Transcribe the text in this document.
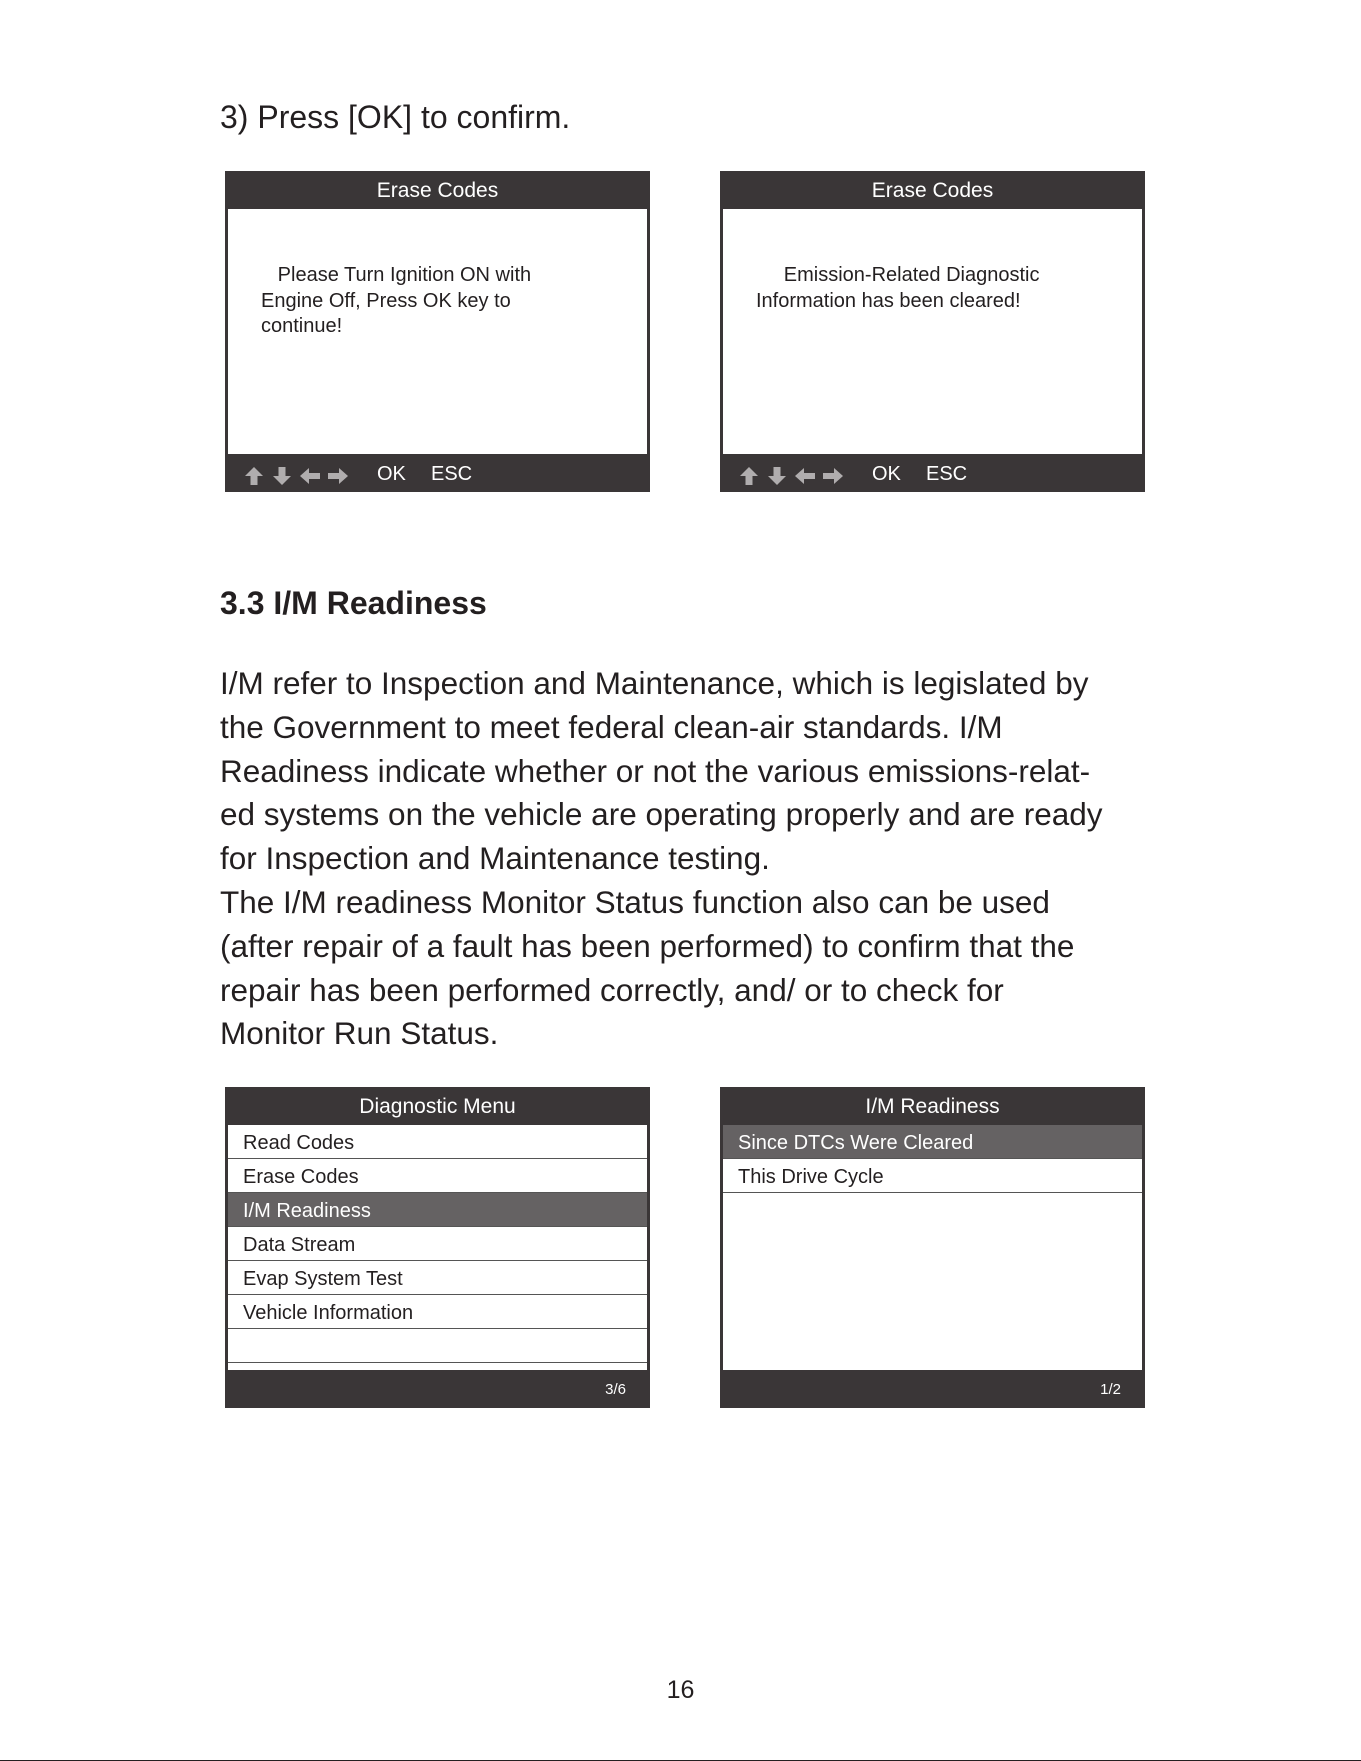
3) Press [OK] to confirm.
Erase Codes

Please Turn Ignition ON with

Engine Off, Press OK key to

continue!

OK ESC
Erase Codes

Emission-Related Diagnostic

Information has been cleared!

OK ESC
3.3 I/M Readiness

I/M refer to Inspection and Maintenance, which is legislated by

the Government to meet federal clean-air standards. I/M

Readiness indicate whether or not the various emissions-relat-

ed systems on the vehicle are operating properly and are ready

for Inspection and Maintenance testing.

The I/M readiness Monitor Status function also can be used

(after repair of a fault has been performed) to confirm that the

repair has been performed correctly, and/ or to check for

Monitor Run Status.

Diagnostic Menu
Read Codes
Erase Codes
I/M Readiness
Data Stream
Evap System Test
Vehicle Information
3/6
I/M Readiness
Since DTCs Were Cleared
This Drive Cycle
1/2
16
